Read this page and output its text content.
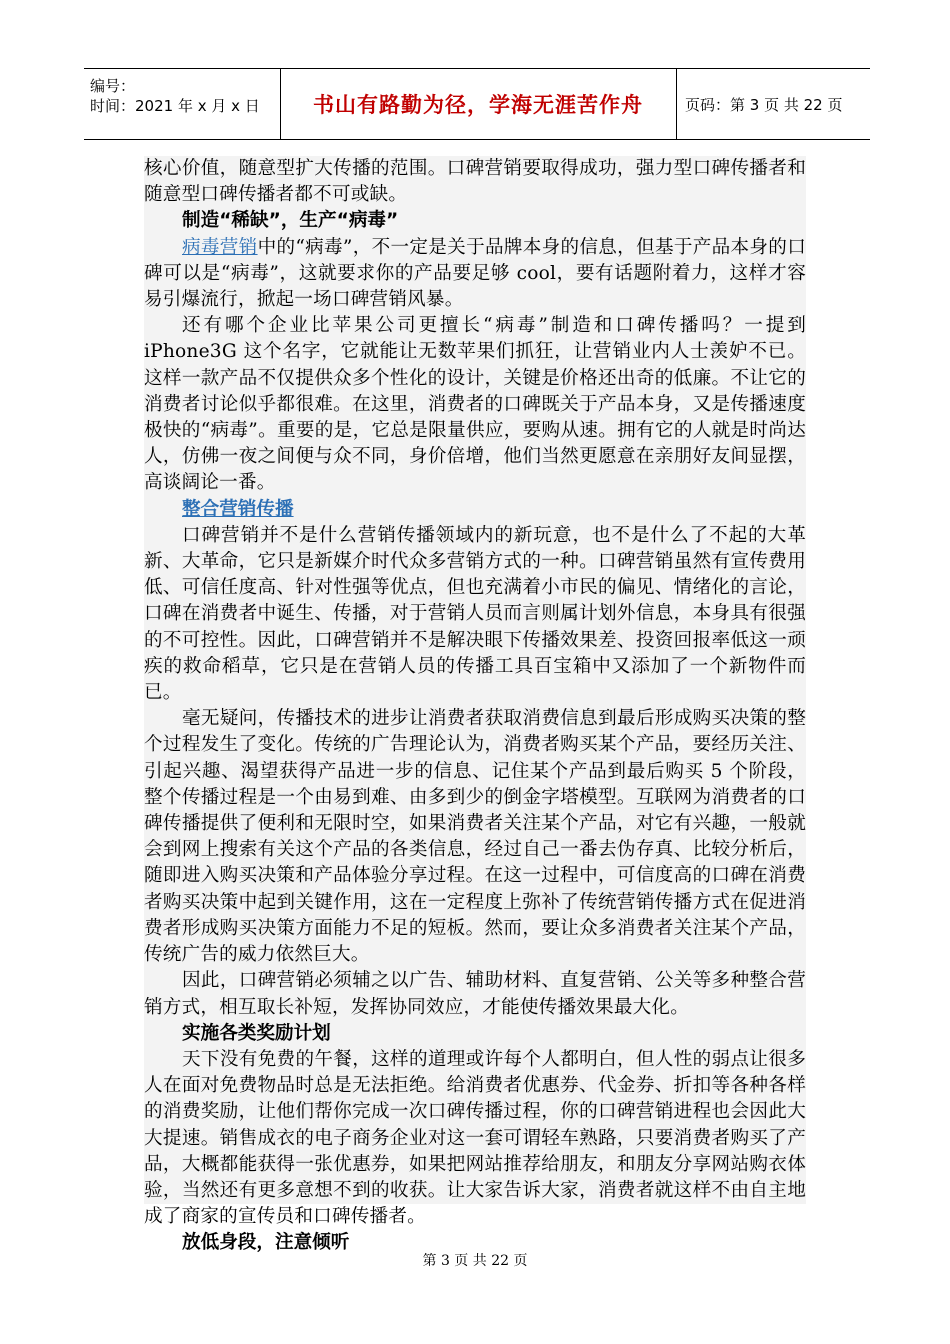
编号：
时间：2021 年 x 月 x 日	书山有路勤为径，学海无涯苦作舟	页码：第 3 页 共 22 页

核心价值，随意型扩大传播的范围。口碑营销要取得成功，强力型口碑传播者和随意型口碑传播者都不可或缺。

制造“稀缺”，生产“病毒”

病毒营销中的“病毒”，不一定是关于品牌本身的信息，但基于产品本身的口碑可以是“病毒”，这就要求你的产品要足够 cool，要有话题附着力，这样才容易引爆流行，掀起一场口碑营销风暴。

还有哪个企业比苹果公司更擅长“病毒”制造和口碑传播吗？一提到 iPhone3G 这个名字，它就能让无数苹果们抓狂，让营销业内人士羡妒不已。这样一款产品不仅提供众多个性化的设计，关键是价格还出奇的低廉。不让它的消费者讨论似乎都很难。在这里，消费者的口碑既关于产品本身，又是传播速度极快的“病毒”。重要的是，它总是限量供应，要购从速。拥有它的人就是时尚达人，仿佛一夜之间便与众不同，身价倍增，他们当然更愿意在亲朋好友间显摆，高谈阔论一番。

整合营销传播

口碑营销并不是什么营销传播领域内的新玩意，也不是什么了不起的大革新、大革命，它只是新媒介时代众多营销方式的一种。口碑营销虽然有宣传费用低、可信任度高、针对性强等优点，但也充满着小市民的偏见、情绪化的言论，口碑在消费者中诞生、传播，对于营销人员而言则属计划外信息，本身具有很强的不可控性。因此，口碑营销并不是解决眼下传播效果差、投资回报率低这一顽疾的救命稻草，它只是在营销人员的传播工具百宝箱中又添加了一个新物件而已。

毫无疑问，传播技术的进步让消费者获取消费信息到最后形成购买决策的整个过程发生了变化。传统的广告理论认为，消费者购买某个产品，要经历关注、引起兴趣、渴望获得产品进一步的信息、记住某个产品到最后购买 5 个阶段，整个传播过程是一个由易到难、由多到少的倒金字塔模型。互联网为消费者的口碑传播提供了便利和无限时空，如果消费者关注某个产品，对它有兴趣，一般就会到网上搜索有关这个产品的各类信息，经过自己一番去伪存真、比较分析后，随即进入购买决策和产品体验分享过程。在这一过程中，可信度高的口碑在消费者购买决策中起到关键作用，这在一定程度上弥补了传统营销传播方式在促进消费者形成购买决策方面能力不足的短板。然而，要让众多消费者关注某个产品，传统广告的威力依然巨大。

因此，口碑营销必须辅之以广告、辅助材料、直复营销、公关等多种整合营销方式，相互取长补短，发挥协同效应，才能使传播效果最大化。

实施各类奖励计划

天下没有免费的午餐，这样的道理或许每个人都明白，但人性的弱点让很多人在面对免费物品时总是无法拒绝。给消费者优惠券、代金券、折扣等各种各样的消费奖励，让他们帮你完成一次口碑传播过程，你的口碑营销进程也会因此大大提速。销售成衣的电子商务企业对这一套可谓轻车熟路，只要消费者购买了产品，大概都能获得一张优惠券，如果把网站推荐给朋友，和朋友分享网站购衣体验，当然还有更多意想不到的收获。让大家告诉大家，消费者就这样不由自主地成了商家的宣传员和口碑传播者。

放低身段，注意倾听

第 3 页 共 22 页
